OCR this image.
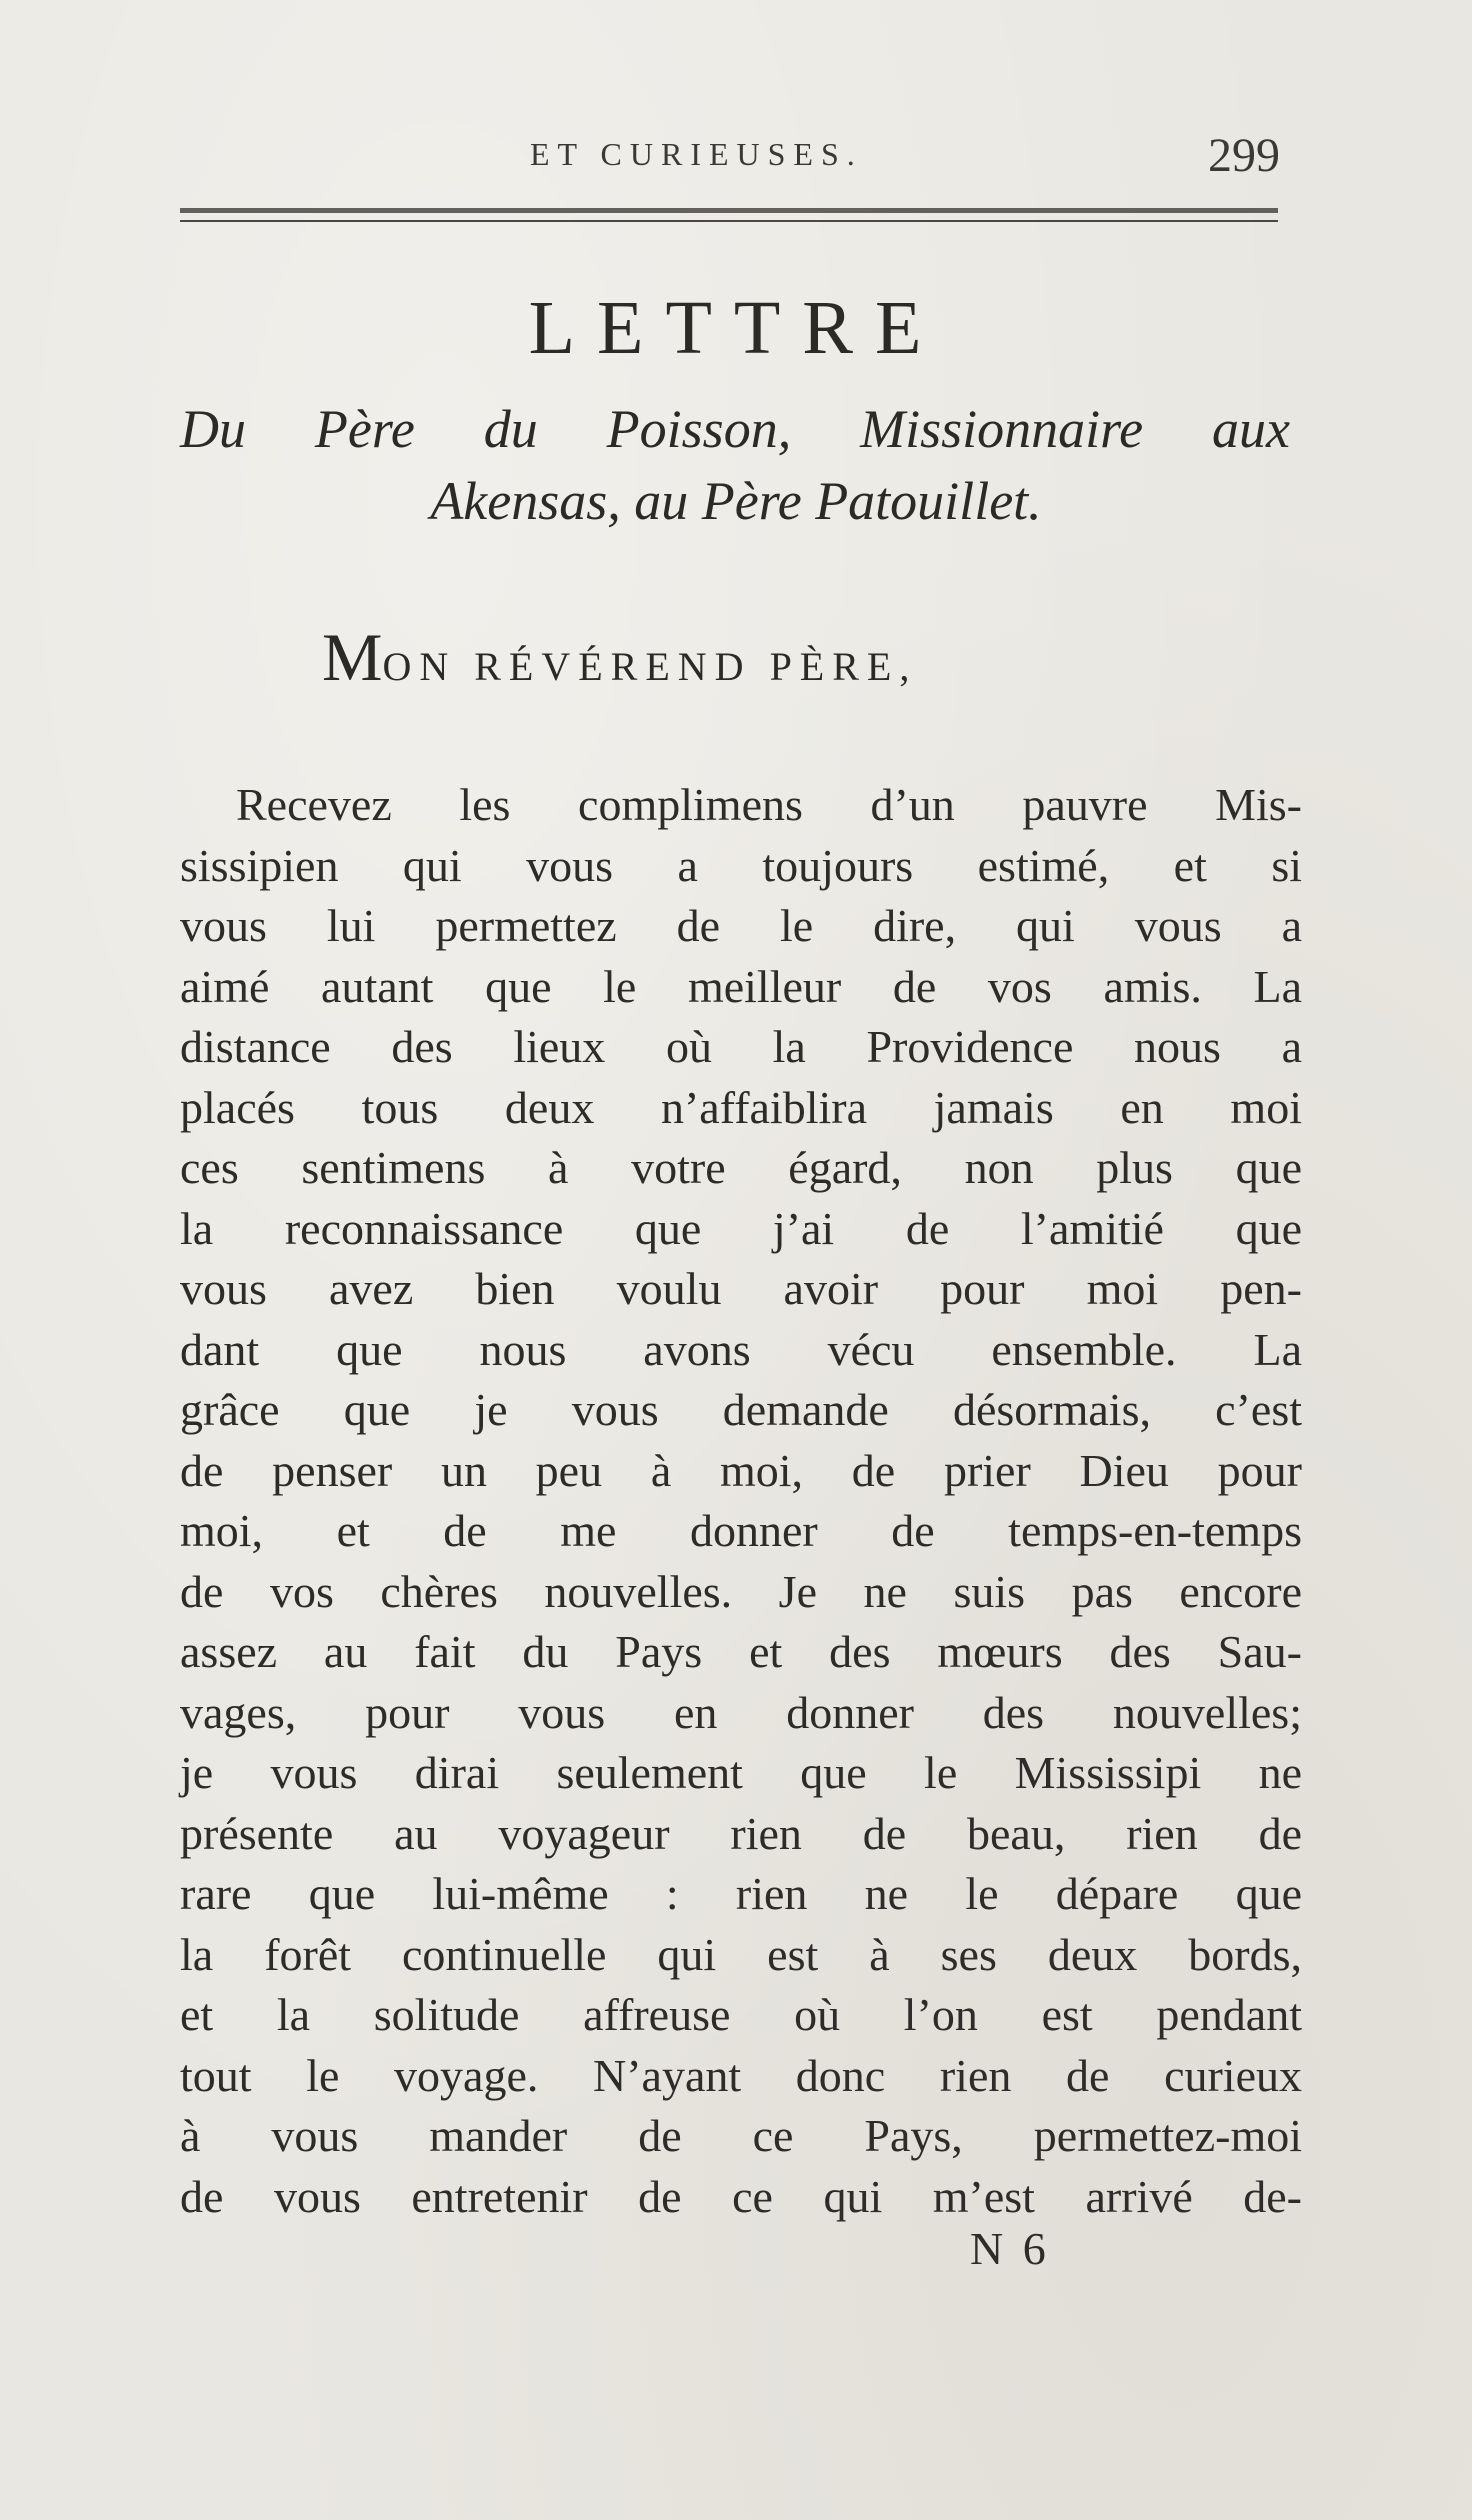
ET CURIEUSES.	299
LETTRE
Du Père du Poisson, Missionnaire aux
Akensas, au Père Patouillet.
MON RÉVÉREND PÈRE,
Recevez les complimens d’un pauvre Mis-
sissipien qui vous a toujours estimé, et si
vous lui permettez de le dire, qui vous a
aimé autant que le meilleur de vos amis. La
distance des lieux où la Providence nous a
placés tous deux n’affaiblira jamais en moi
ces sentimens à votre égard, non plus que
la reconnaissance que j’ai de l’amitié que
vous avez bien voulu avoir pour moi pen-
dant que nous avons vécu ensemble. La
grâce que je vous demande désormais, c’est
de penser un peu à moi, de prier Dieu pour
moi, et de me donner de temps-en-temps
de vos chères nouvelles. Je ne suis pas encore
assez au fait du Pays et des mœurs des Sau-
vages, pour vous en donner des nouvelles;
je vous dirai seulement que le Mississipi ne
présente au voyageur rien de beau, rien de
rare que lui-même : rien ne le dépare que
la forêt continuelle qui est à ses deux bords,
et la solitude affreuse où l’on est pendant
tout le voyage. N’ayant donc rien de curieux
à vous mander de ce Pays, permettez-moi
de vous entretenir de ce qui m’est arrivé de-
N 6
